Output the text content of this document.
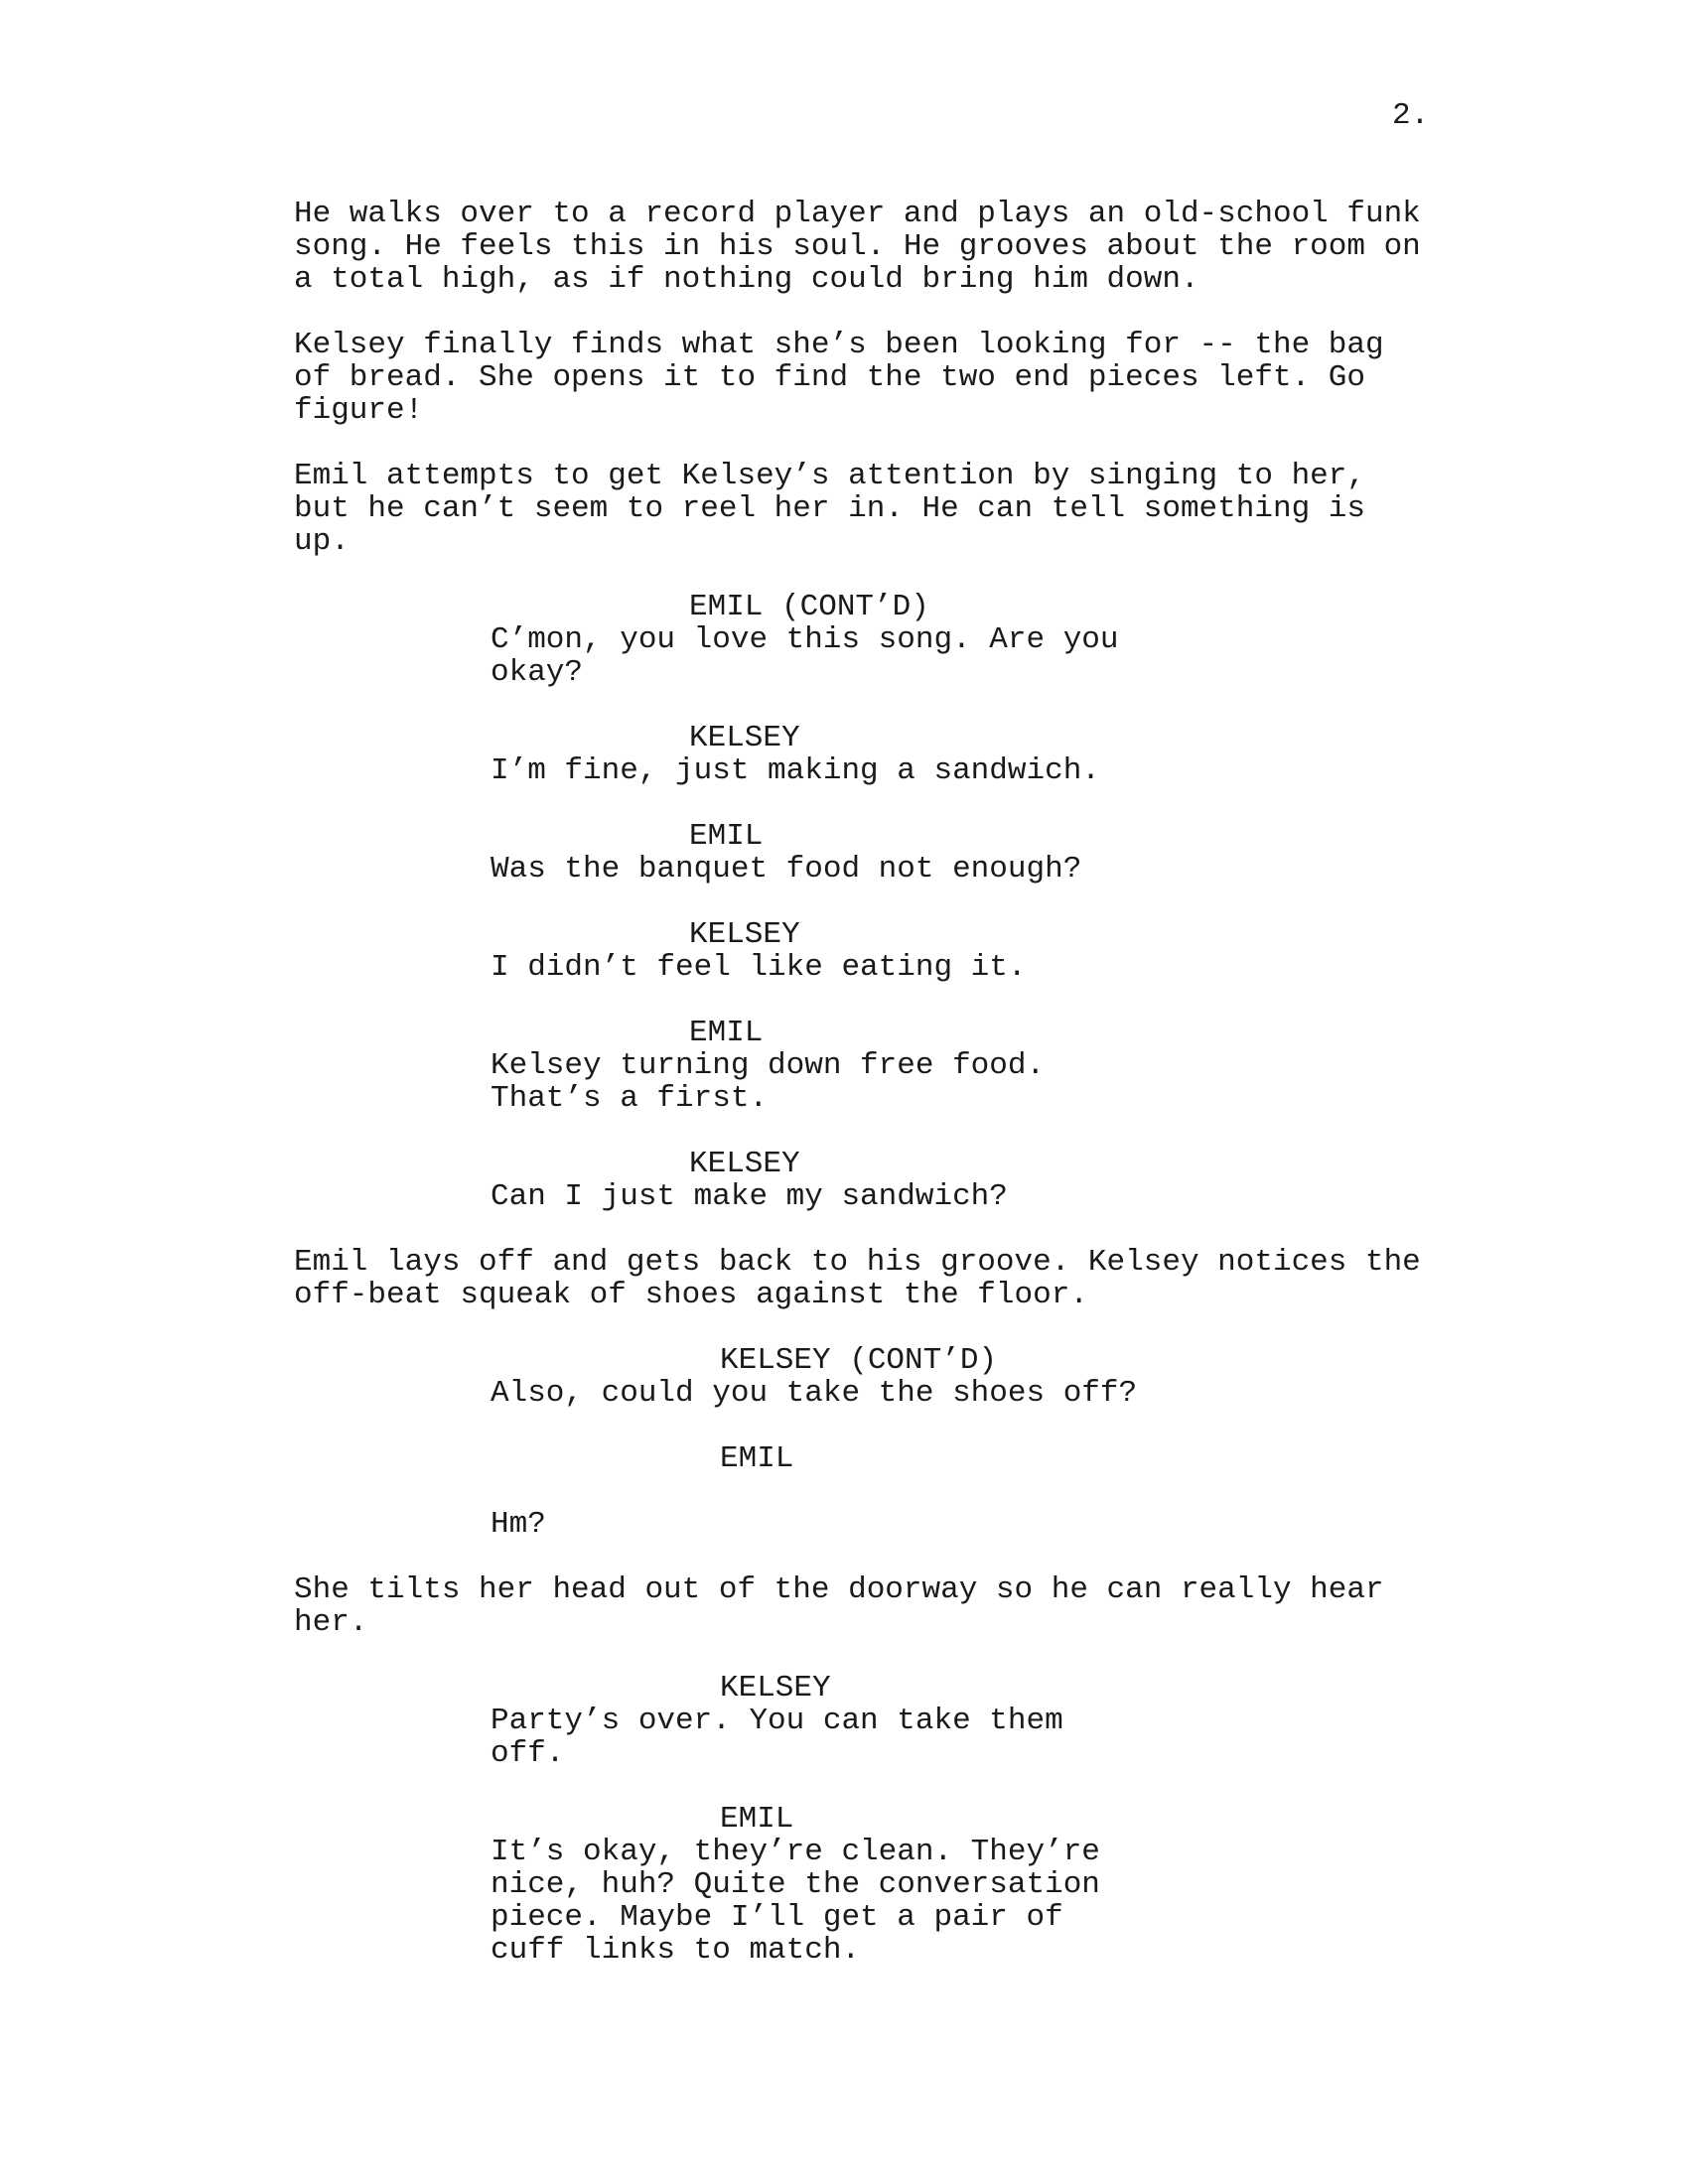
2.

He walks over to a record player and plays an old-school funk
song. He feels this in his soul. He grooves about the room on
a total high, as if nothing could bring him down.

Kelsey finally finds what she’s been looking for -- the bag
of bread. She opens it to find the two end pieces left. Go
figure!

Emil attempts to get Kelsey’s attention by singing to her,
but he can’t seem to reel her in. He can tell something is
up.

EMIL (CONT’D)

C’mon, you love this song. Are you
okay?

KELSEY

I’m fine, just making a sandwich.

EMIL

Was the banquet food not enough?

KELSEY

I didn’t feel like eating it.

EMIL

Kelsey turning down free food.
That’s a first.

KELSEY

Can I just make my sandwich?

Emil lays off and gets back to his groove. Kelsey notices the
off-beat squeak of shoes against the floor.

KELSEY (CONT’D)

Also, could you take the shoes off?

EMIL

Hm?

She tilts her head out of the doorway so he can really hear
her.

KELSEY

Party’s over. You can take them
off.

EMIL

It’s okay, they’re clean. They’re
nice, huh? Quite the conversation
piece. Maybe I’ll get a pair of
cuff links to match.
